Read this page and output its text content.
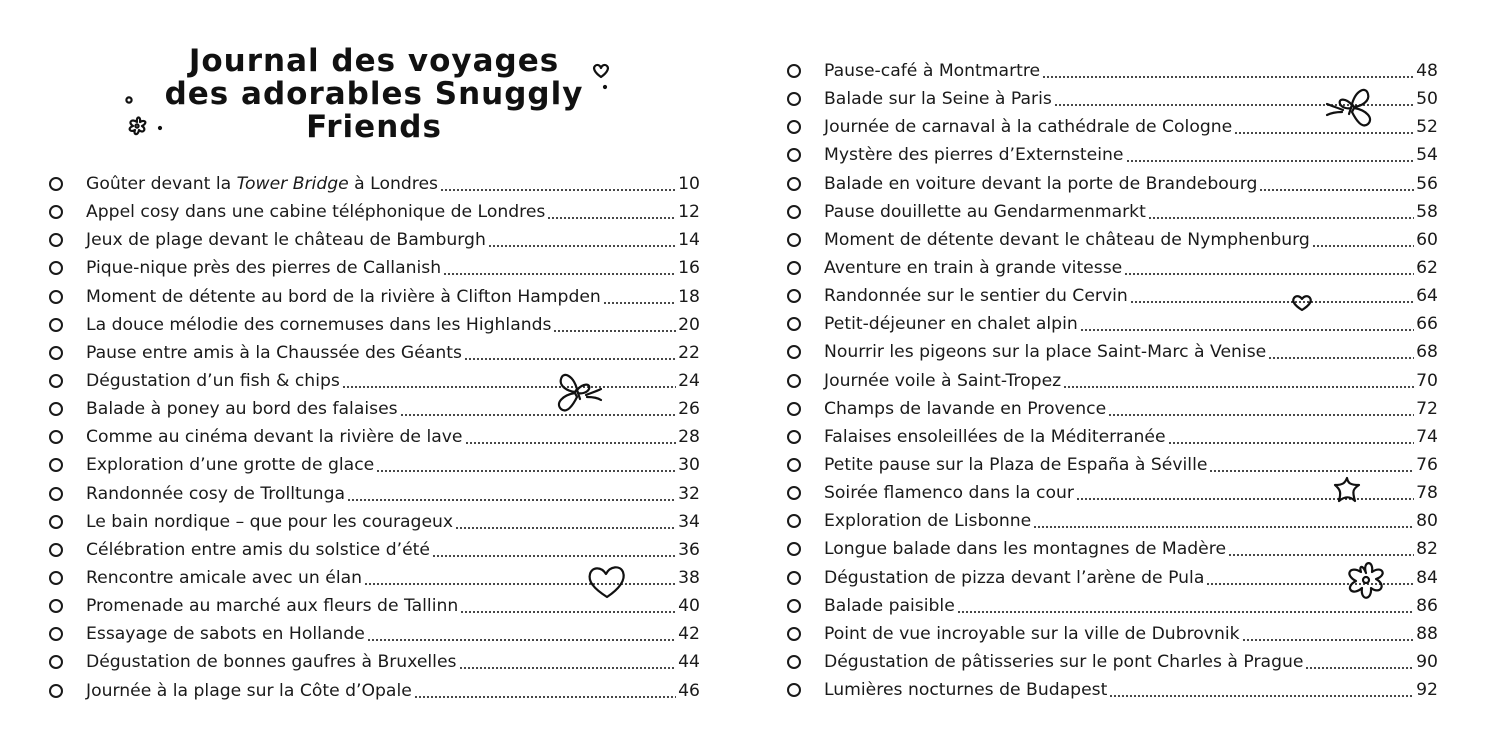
Journal des voyages
des adorables Snuggly
Friends
Goûter devant la Tower Bridge à Londres	10
Appel cosy dans une cabine téléphonique de Londres	12
Jeux de plage devant le château de Bamburgh	14
Pique-nique près des pierres de Callanish	16
Moment de détente au bord de la rivière à Clifton Hampden	18
La douce mélodie des cornemuses dans les Highlands	20
Pause entre amis à la Chaussée des Géants	22
Dégustation d’un fish & chips	24
Balade à poney au bord des falaises	26
Comme au cinéma devant la rivière de lave	28
Exploration d’une grotte de glace	30
Randonnée cosy de Trolltunga	32
Le bain nordique – que pour les courageux	34
Célébration entre amis du solstice d’été	36
Rencontre amicale avec un élan	38
Promenade au marché aux fleurs de Tallinn	40
Essayage de sabots en Hollande	42
Dégustation de bonnes gaufres à Bruxelles	44
Journée à la plage sur la Côte d’Opale	46
Pause-café à Montmartre	48
Balade sur la Seine à Paris	50
Journée de carnaval à la cathédrale de Cologne	52
Mystère des pierres d’Externsteine	54
Balade en voiture devant la porte de Brandebourg	56
Pause douillette au Gendarmenmarkt	58
Moment de détente devant le château de Nymphenburg	60
Aventure en train à grande vitesse	62
Randonnée sur le sentier du Cervin	64
Petit-déjeuner en chalet alpin	66
Nourrir les pigeons sur la place Saint-Marc à Venise	68
Journée voile à Saint-Tropez	70
Champs de lavande en Provence	72
Falaises ensoleillées de la Méditerranée	74
Petite pause sur la Plaza de España à Séville	76
Soirée flamenco dans la cour	78
Exploration de Lisbonne	80
Longue balade dans les montagnes de Madère	82
Dégustation de pizza devant l’arène de Pula	84
Balade paisible	86
Point de vue incroyable sur la ville de Dubrovnik	88
Dégustation de pâtisseries sur le pont Charles à Prague	90
Lumières nocturnes de Budapest	92
